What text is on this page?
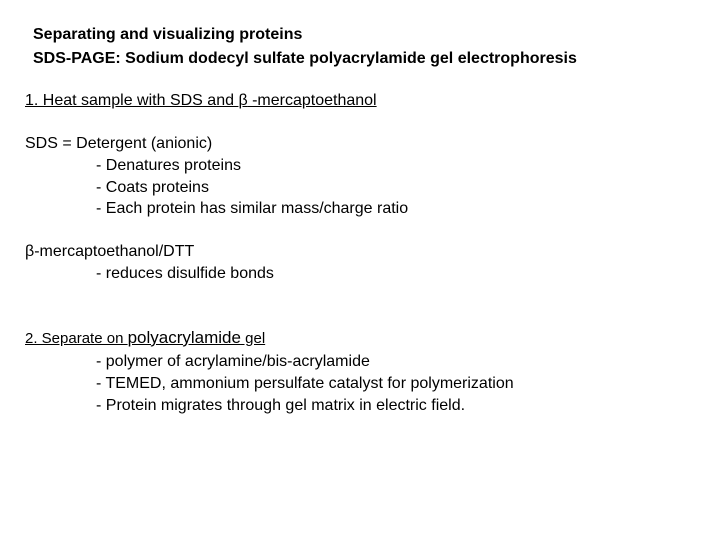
Separating and visualizing proteins
SDS-PAGE: Sodium dodecyl sulfate polyacrylamide gel electrophoresis
1. Heat sample with SDS and β -mercaptoethanol
SDS = Detergent (anionic)
- Denatures proteins
- Coats proteins
- Each protein has similar mass/charge ratio
β-mercaptoethanol/DTT
- reduces disulfide bonds
2. Separate on polyacrylamide gel
- polymer of acrylamine/bis-acrylamide
- TEMED, ammonium persulfate catalyst for polymerization
- Protein migrates through gel matrix in electric field.
